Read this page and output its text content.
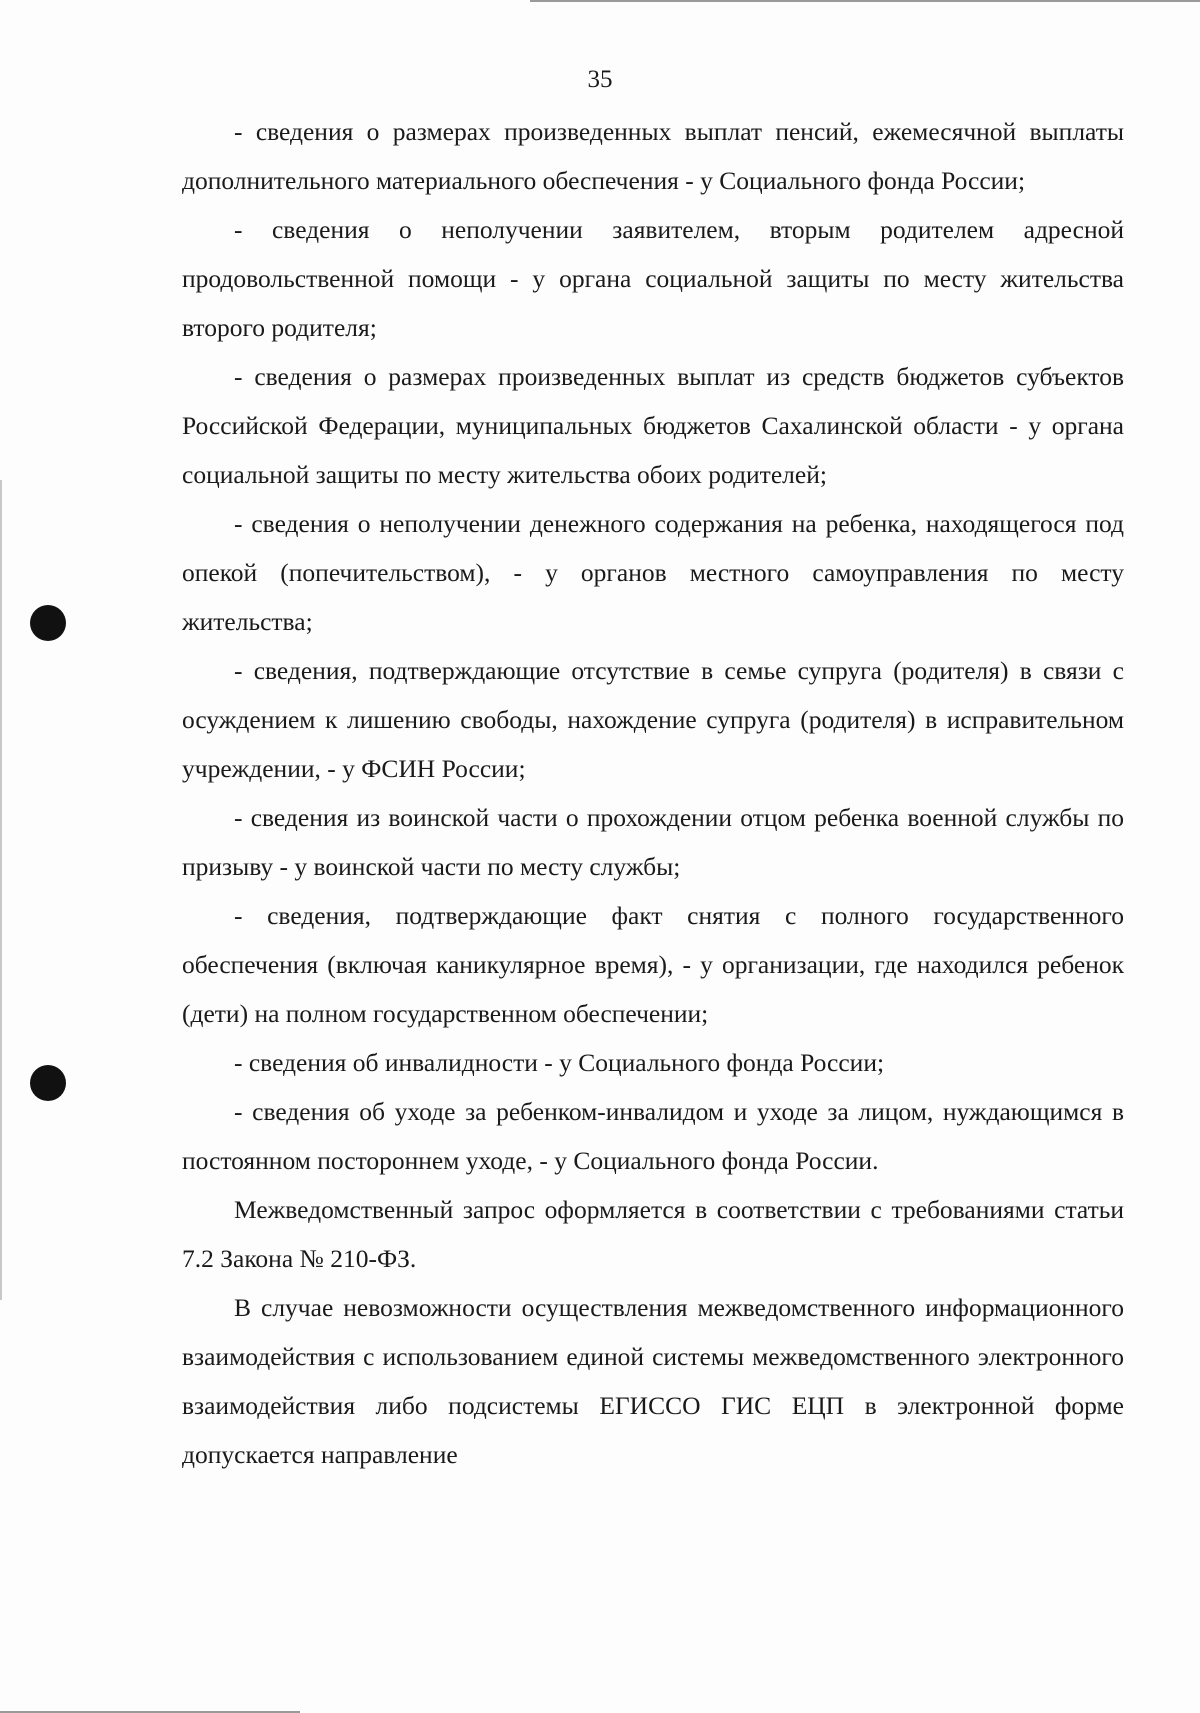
35

- сведения о размерах произведенных выплат пенсий, ежемесячной выплаты дополнительного материального обеспечения - у Социального фонда России;

- сведения о неполучении заявителем, вторым родителем адресной продовольственной помощи - у органа социальной защиты по месту жительства второго родителя;

- сведения о размерах произведенных выплат из средств бюджетов субъектов Российской Федерации, муниципальных бюджетов Сахалинской области - у органа социальной защиты по месту жительства обоих родителей;

- сведения о неполучении денежного содержания на ребенка, находящегося под опекой (попечительством), - у органов местного самоуправления по месту жительства;

- сведения, подтверждающие отсутствие в семье супруга (родителя) в связи с осуждением к лишению свободы, нахождение супруга (родителя) в исправительном учреждении, - у ФСИН России;

- сведения из воинской части о прохождении отцом ребенка военной службы по призыву - у воинской части по месту службы;

- сведения, подтверждающие факт снятия с полного государственного обеспечения (включая каникулярное время), - у организации, где находился ребенок (дети) на полном государственном обеспечении;

- сведения об инвалидности - у Социального фонда России;

- сведения об уходе за ребенком-инвалидом и уходе за лицом, нуждающимся в постоянном постороннем уходе, - у Социального фонда России.

Межведомственный запрос оформляется в соответствии с требованиями статьи 7.2 Закона № 210-ФЗ.

В случае невозможности осуществления межведомственного информационного взаимодействия с использованием единой системы межведомственного электронного взаимодействия либо подсистемы ЕГИССО ГИС ЕЦП в электронной форме допускается направление
